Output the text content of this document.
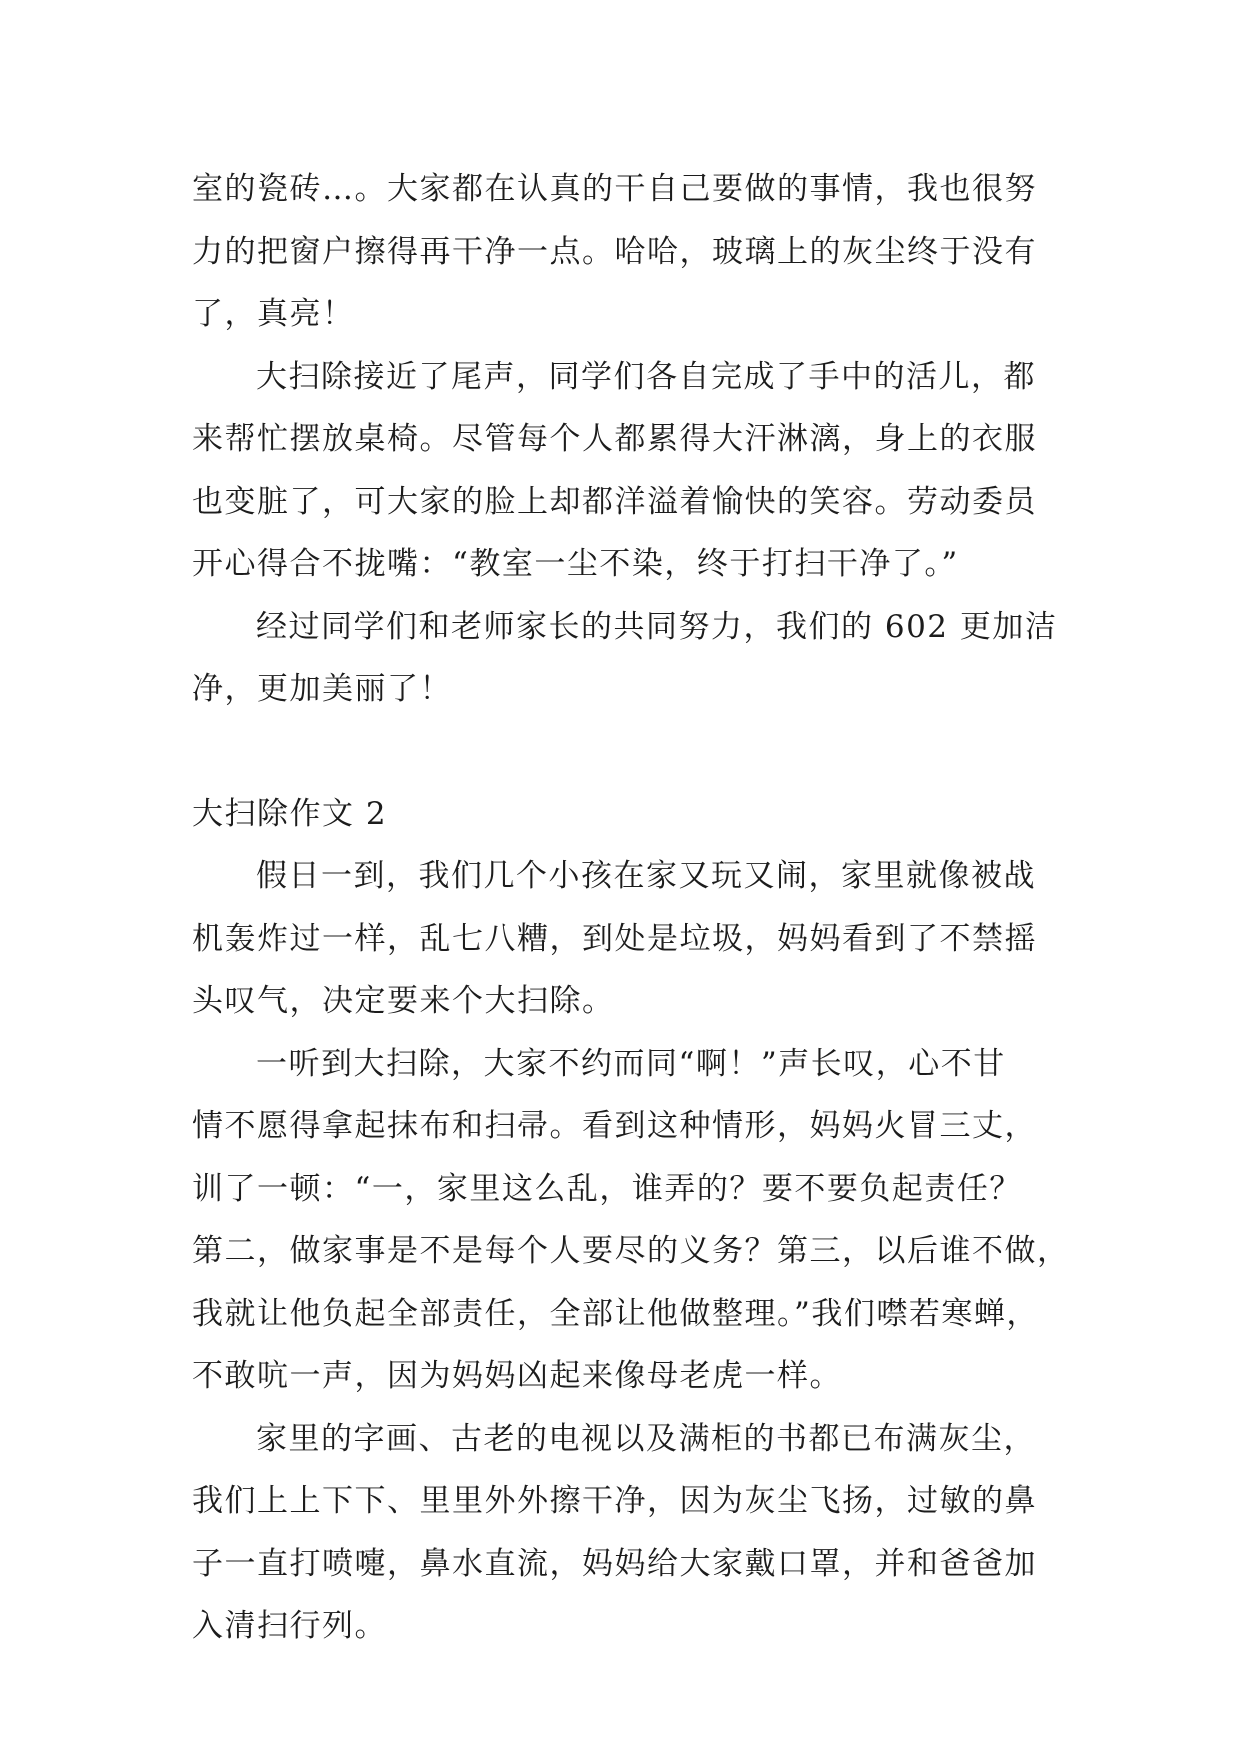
室的瓷砖…。大家都在认真的干自己要做的事情，我也很努
力的把窗户擦得再干净一点。哈哈，玻璃上的灰尘终于没有
了，真亮！

大扫除接近了尾声，同学们各自完成了手中的活儿，都
来帮忙摆放桌椅。尽管每个人都累得大汗淋漓，身上的衣服
也变脏了，可大家的脸上却都洋溢着愉快的笑容。劳动委员
开心得合不拢嘴：“教室一尘不染，终于打扫干净了。”

经过同学们和老师家长的共同努力，我们的 602 更加洁
净，更加美丽了！

大扫除作文 2

假日一到，我们几个小孩在家又玩又闹，家里就像被战
机轰炸过一样，乱七八糟，到处是垃圾，妈妈看到了不禁摇
头叹气，决定要来个大扫除。

一听到大扫除，大家不约而同“啊！”声长叹，心不甘
情不愿得拿起抹布和扫帚。看到这种情形，妈妈火冒三丈，
训了一顿：“一，家里这么乱，谁弄的？要不要负起责任？
第二，做家事是不是每个人要尽的义务？第三，以后谁不做，
我就让他负起全部责任，全部让他做整理。”我们噤若寒蝉，
不敢吭一声，因为妈妈凶起来像母老虎一样。

家里的字画、古老的电视以及满柜的书都已布满灰尘，
我们上上下下、里里外外擦干净，因为灰尘飞扬，过敏的鼻
子一直打喷嚏，鼻水直流，妈妈给大家戴口罩，并和爸爸加
入清扫行列。
